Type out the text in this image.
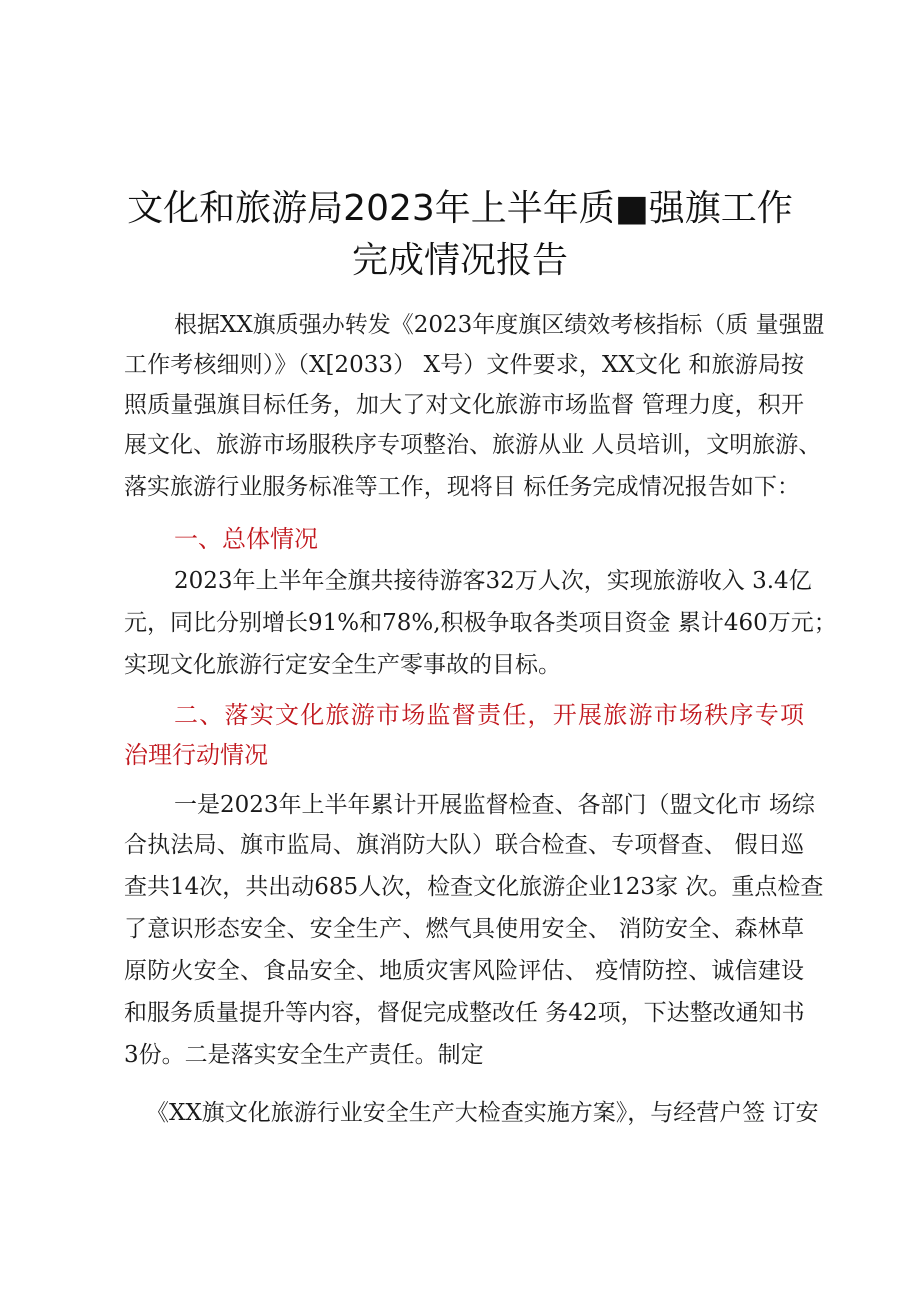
文化和旅游局2023年上半年质■强旗工作
完成情况报告
根据XX旗质强办转发《2023年度旗区绩效考核指标（质 量强盟
工作考核细则）》（X[2033） X号）文件要求，XX文化 和旅游局按
照质量强旗目标任务，加大了对文化旅游市场监督 管理力度，积开
展文化、旅游市场服秩序专项整治、旅游从业 人员培训，文明旅游、
落实旅游行业服务标准等工作，现将目 标任务完成情况报告如下：
一、总体情况
2023年上半年全旗共接待游客32万人次，实现旅游收入 3.4亿
元，同比分别增长91%和78%,积极争取各类项目资金 累计460万元；
实现文化旅游行定安全生产零事故的目标。
二、落实文化旅游市场监督责任，开展旅游市场秩序专项
治理行动情况
一是2023年上半年累计开展监督检查、各部门（盟文化市 场综
合执法局、旗市监局、旗消防大队）联合检查、专项督查、 假日巡
查共14次，共出动685人次，检查文化旅游企业123家 次。重点检查
了意识形态安全、安全生产、燃气具使用安全、 消防安全、森林草
原防火安全、食品安全、地质灾害风险评估、 疫情防控、诚信建设
和服务质量提升等内容，督促完成整改任 务42项，下达整改通知书
3份。二是落实安全生产责任。制定
《XX旗文化旅游行业安全生产大检查实施方案》，与经营户签 订安
